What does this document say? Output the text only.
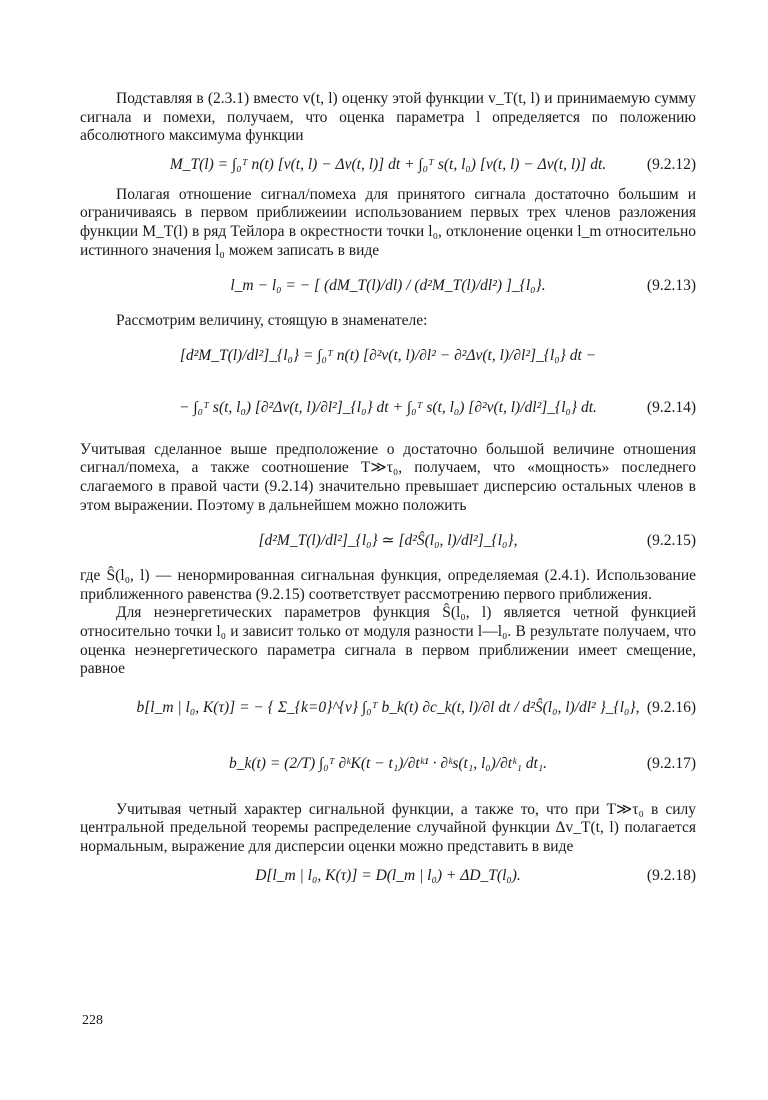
Подставляя в (2.3.1) вместо v(t, l) оценку этой функции v_T(t, l) и принимаемую сумму сигнала и помехи, получаем, что оценка параметра l определяется по положению абсолютного максимума функции

M_T(l) = ∫₀ᵀ n(t) [v(t, l) − Δv(t, l)] dt + ∫₀ᵀ s(t, l₀) [v(t, l) − Δv(t, l)] dt.	(9.2.12)

Полагая отношение сигнал/помеха для принятого сигнала достаточно большим и ограничиваясь в первом приближеиии использованием первых трех членов разложения функции M_T(l) в ряд Тейлора в окрестности точки l₀, отклонение оценки l_m относительно истинного значения l₀ можем записать в виде

l_m − l₀ = − [ (dM_T(l)/dl) / (d²M_T(l)/dl²) ]_{l₀}.	(9.2.13)

Рассмотрим величину, стоящую в знаменателе:

[d²M_T(l)/dl²]_{l₀} = ∫₀ᵀ n(t) [∂²v(t, l)/∂l² − ∂²Δv(t, l)/∂l²]_{l₀} dt −
− ∫₀ᵀ s(t, l₀) [∂²Δv(t, l)/∂l²]_{l₀} dt + ∫₀ᵀ s(t, l₀) [∂²v(t, l)/dl²]_{l₀} dt.	(9.2.14)

Учитывая сделанное выше предположение о достаточно большой величине отношения сигнал/помеха, а также соотношение T≫τ₀, получаем, что «мощность» последнего слагаемого в правой части (9.2.14) значительно превышает дисперсию остальных членов в этом выражении. Поэтому в дальнейшем можно положить

[d²M_T(l)/dl²]_{l₀} ≃ [d²Ŝ(l₀, l)/dl²]_{l₀},	(9.2.15)

где Ŝ(l₀, l) — ненормированная сигнальная функция, определяемая (2.4.1). Использование приближенного равенства (9.2.15) соответствует рассмотрению первого приближения.

Для неэнергетических параметров функция Ŝ(l₀, l) является четной функцией относительно точки l₀ и зависит только от модуля разности l—l₀. В результате получаем, что оценка неэнергетического параметра сигнала в первом приближении имеет смещение, равное

b[l_m | l₀, K(τ)] = − { Σ_{k=0}^{ν} ∫₀ᵀ b_k(t) ∂c_k(t, l)/∂l dt / d²Ŝ(l₀, l)/dl² }_{l₀}, (9.2.16)
b_k(t) = (2/T) ∫₀ᵀ ∂ᵏK(t − t₁)/∂tᵏ¹ · ∂ᵏs(t₁, l₀)/∂tᵏ₁ dt₁.	(9.2.17)

Учитывая четный характер сигнальной функции, а также то, что при T≫τ₀ в силу центральной предельной теоремы распределение случайной функции Δv_T(t, l) полагается нормальным, выражение для дисперсии оценки можно представить в виде

D[l_m | l₀, K(τ)] = D(l_m | l₀) + ΔD_T(l₀).	(9.2.18)
228
